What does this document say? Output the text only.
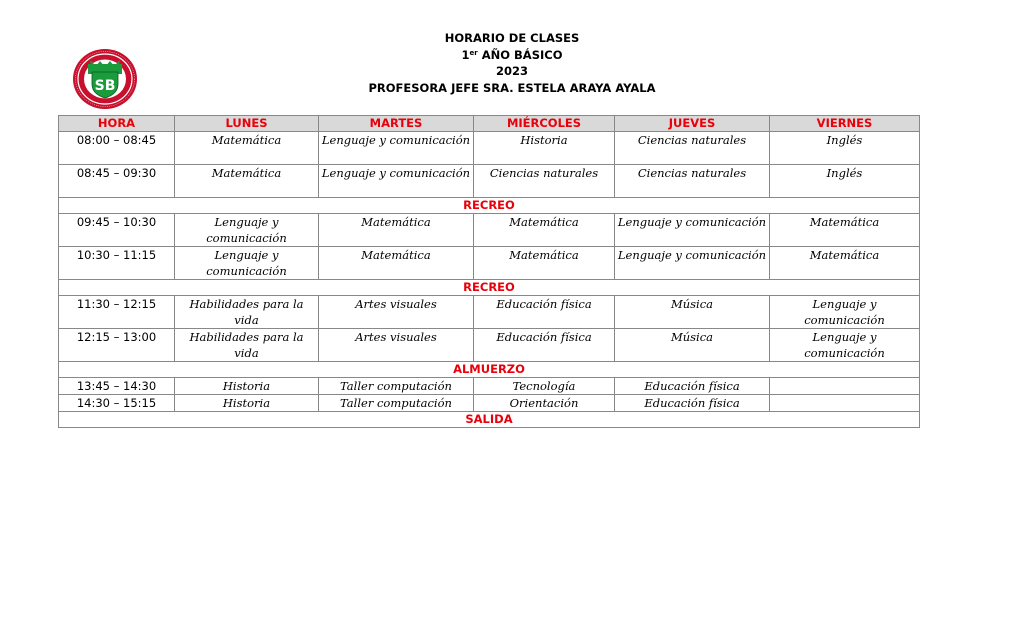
HORARIO DE CLASES
1er AÑO BÁSICO
2023
PROFESORA JEFE SRA. ESTELA ARAYA AYALA
SB
HORA	LUNES	MARTES	MIÉRCOLES	JUEVES	VIERNES
08:00 – 08:45	Matemática	Lenguaje y comunicación	Historia	Ciencias naturales	Inglés
08:45 – 09:30	Matemática	Lenguaje y comunicación	Ciencias naturales	Ciencias naturales	Inglés
RECREO					
09:45 – 10:30	Lenguaje y comunicación	Matemática	Matemática	Lenguaje y comunicación	Matemática
10:30 – 11:15	Lenguaje y comunicación	Matemática	Matemática	Lenguaje y comunicación	Matemática
RECREO					
11:30 – 12:15	Habilidades para la vida	Artes visuales	Educación física	Música	Lenguaje y comunicación
12:15 – 13:00	Habilidades para la vida	Artes visuales	Educación física	Música	Lenguaje y comunicación
ALMUERZO					
13:45 – 14:30	Historia	Taller computación	Tecnología	Educación física	
14:30 – 15:15	Historia	Taller computación	Orientación	Educación física	
SALIDA					
